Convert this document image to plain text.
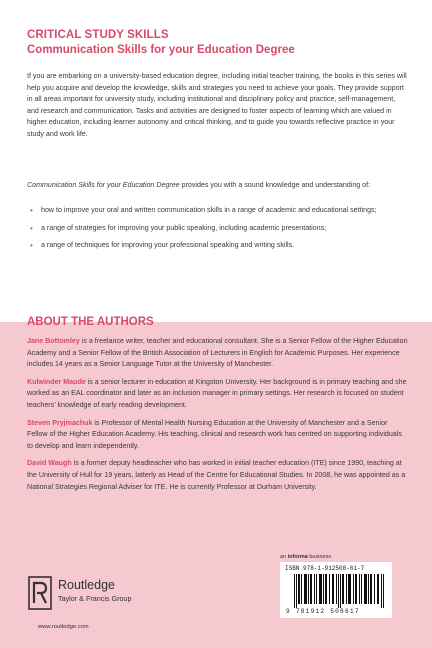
CRITICAL STUDY SKILLS
Communication Skills for your Education Degree
If you are embarking on a university-based education degree, including initial teacher training, the books in this series will help you acquire and develop the knowledge, skills and strategies you need to achieve your goals. They provide support in all areas important for university study, including institutional and disciplinary policy and practice, self-management, and research and communication. Tasks and activities are designed to foster aspects of learning which are valued in higher education, including learner autonomy and critical thinking, and to guide you towards reflective practice in your study and work life.
Communication Skills for your Education Degree provides you with a sound knowledge and understanding of:
• how to improve your oral and written communication skills in a range of academic and educational settings;
• a range of strategies for improving your public speaking, including academic presentations;
• a range of techniques for improving your professional speaking and writing skills.
ABOUT THE AUTHORS
Jane Bottomley is a freelance writer, teacher and educational consultant. She is a Senior Fellow of the Higher Education Academy and a Senior Fellow of the British Association of Lecturers in English for Academic Purposes. Her experience includes 14 years as a Senior Language Tutor at the University of Manchester.
Kulwinder Maude is a senior lecturer in education at Kingston University. Her background is in primary teaching and she worked as an EAL coordinator and later as an inclusion manager in primary settings. Her research is focused on student teachers’ knowledge of early reading development.
Steven Pryjmachuk is Professor of Mental Health Nursing Education at the University of Manchester and a Senior Fellow of the Higher Education Academy. His teaching, clinical and research work has centred on supporting individuals to develop and learn independently.
David Waugh is a former deputy headteacher who has worked in initial teacher education (ITE) since 1990, teaching at the University of Hull for 19 years, latterly as Head of the Centre for Educational Studies. In 2008, he was appointed as a National Strategies Regional Adviser for ITE. He is currently Professor at Durham University.
an informa business
ISBN 978-1-912508-61-7
9 781912 508617
Routledge
Taylor & Francis Group
www.routledge.com
